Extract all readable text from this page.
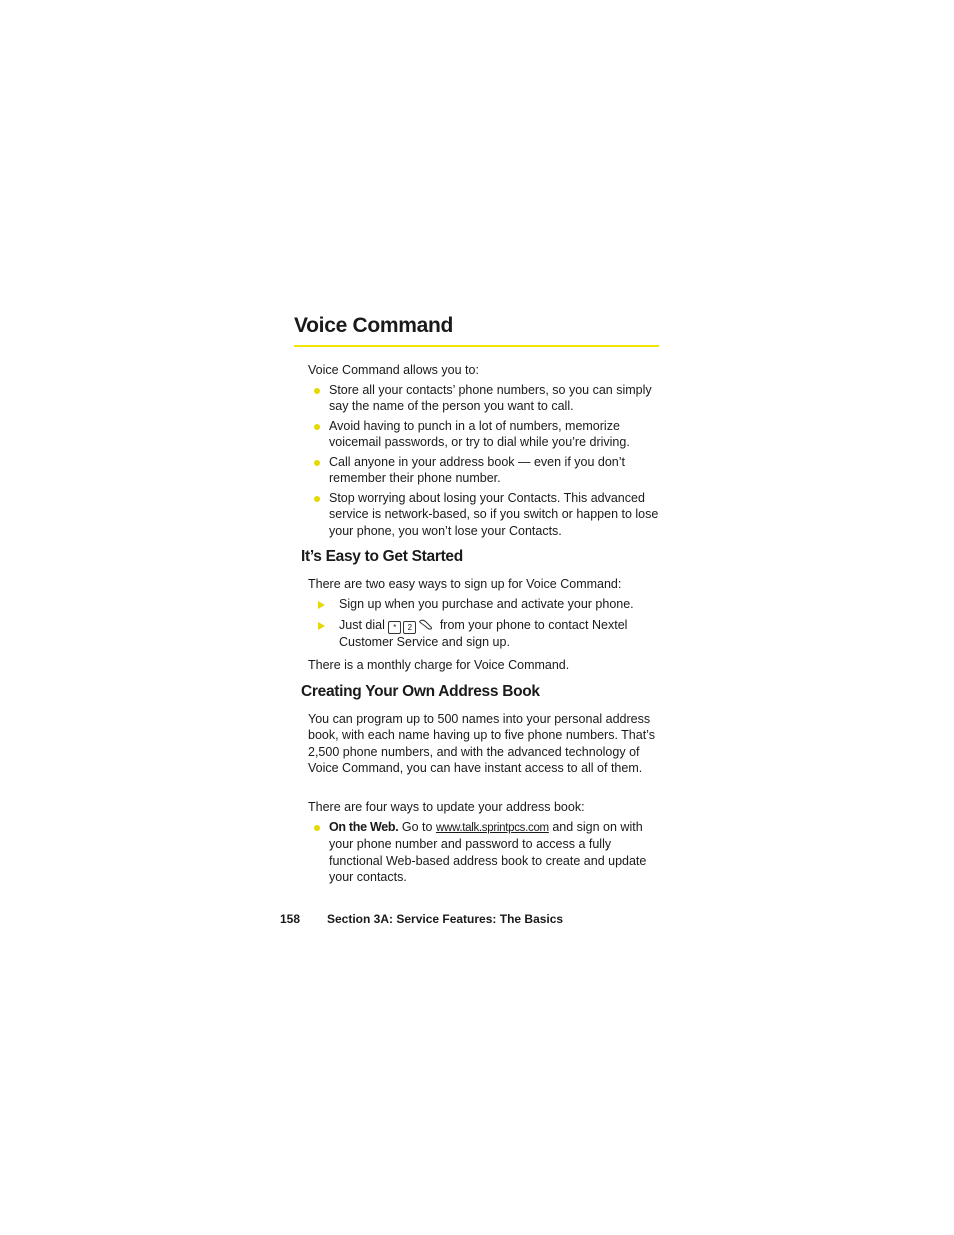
Voice Command

Voice Command allows you to:

Store all your contacts’ phone numbers, so you can simply say the name of the person you want to call.
Avoid having to punch in a lot of numbers, memorize voicemail passwords, or try to dial while you’re driving.
Call anyone in your address book — even if you don’t remember their phone number.
Stop worrying about losing your Contacts. This advanced service is network-based, so if you switch or happen to lose your phone, you won’t lose your Contacts.
It’s Easy to Get Started

There are two easy ways to sign up for Voice Command:

Sign up when you purchase and activate your phone.
Just dial * 2 from your phone to contact Nextel Customer Service and sign up.

There is a monthly charge for Voice Command.

Creating Your Own Address Book

You can program up to 500 names into your personal address book, with each name having up to five phone numbers. That’s 2,500 phone numbers, and with the advanced technology of Voice Command, you can have instant access to all of them.

There are four ways to update your address book:

On the Web. Go to www.talk.sprintpcs.com and sign on with your phone number and password to access a fully functional Web-based address book to create and update your contacts.
158 Section 3A: Service Features: The Basics
